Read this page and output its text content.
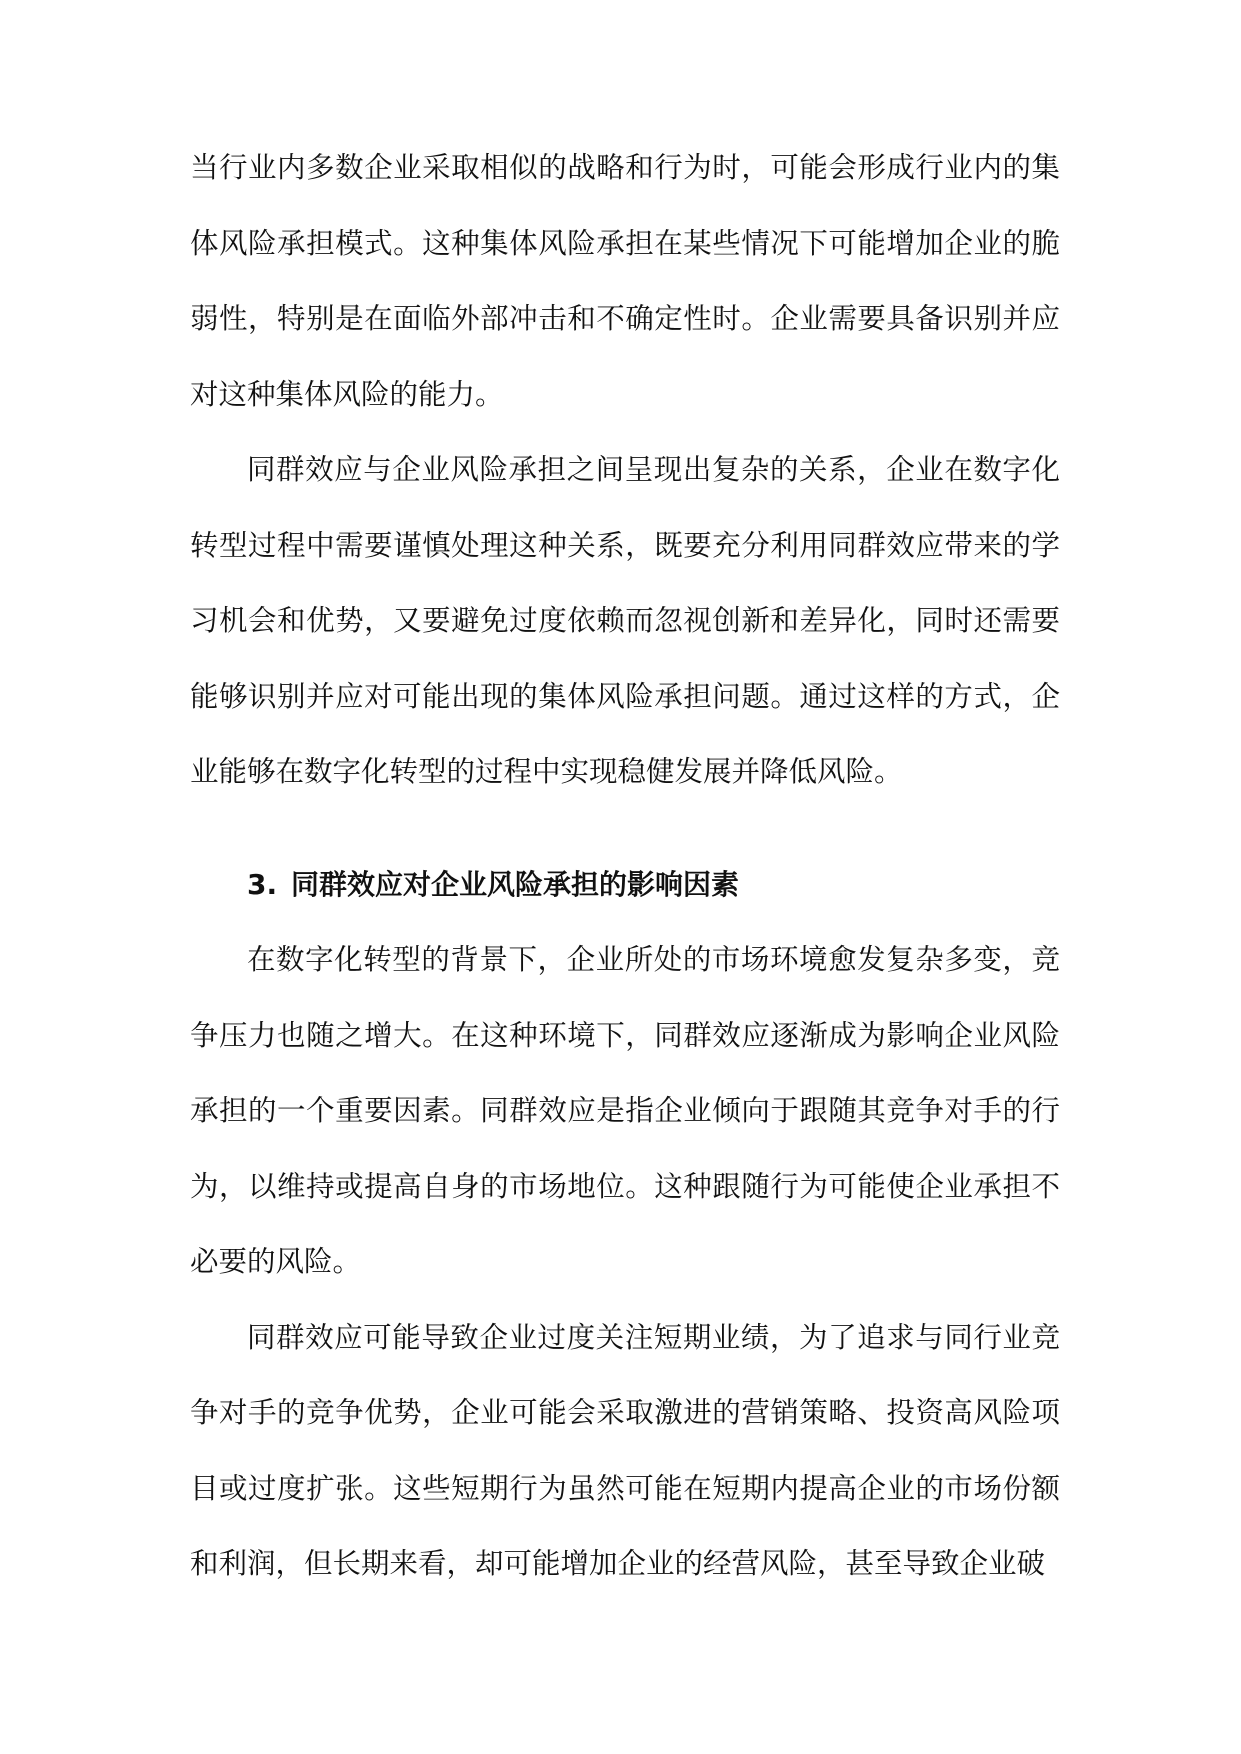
当行业内多数企业采取相似的战略和行为时，可能会形成行业内的集体风险承担模式。这种集体风险承担在某些情况下可能增加企业的脆弱性，特别是在面临外部冲击和不确定性时。企业需要具备识别并应对这种集体风险的能力。

同群效应与企业风险承担之间呈现出复杂的关系，企业在数字化转型过程中需要谨慎处理这种关系，既要充分利用同群效应带来的学习机会和优势，又要避免过度依赖而忽视创新和差异化，同时还需要能够识别并应对可能出现的集体风险承担问题。通过这样的方式，企业能够在数字化转型的过程中实现稳健发展并降低风险。

3. 同群效应对企业风险承担的影响因素

在数字化转型的背景下，企业所处的市场环境愈发复杂多变，竞争压力也随之增大。在这种环境下，同群效应逐渐成为影响企业风险承担的一个重要因素。同群效应是指企业倾向于跟随其竞争对手的行为，以维持或提高自身的市场地位。这种跟随行为可能使企业承担不必要的风险。

同群效应可能导致企业过度关注短期业绩，为了追求与同行业竞争对手的竞争优势，企业可能会采取激进的营销策略、投资高风险项目或过度扩张。这些短期行为虽然可能在短期内提高企业的市场份额和利润，但长期来看，却可能增加企业的经营风险，甚至导致企业破
